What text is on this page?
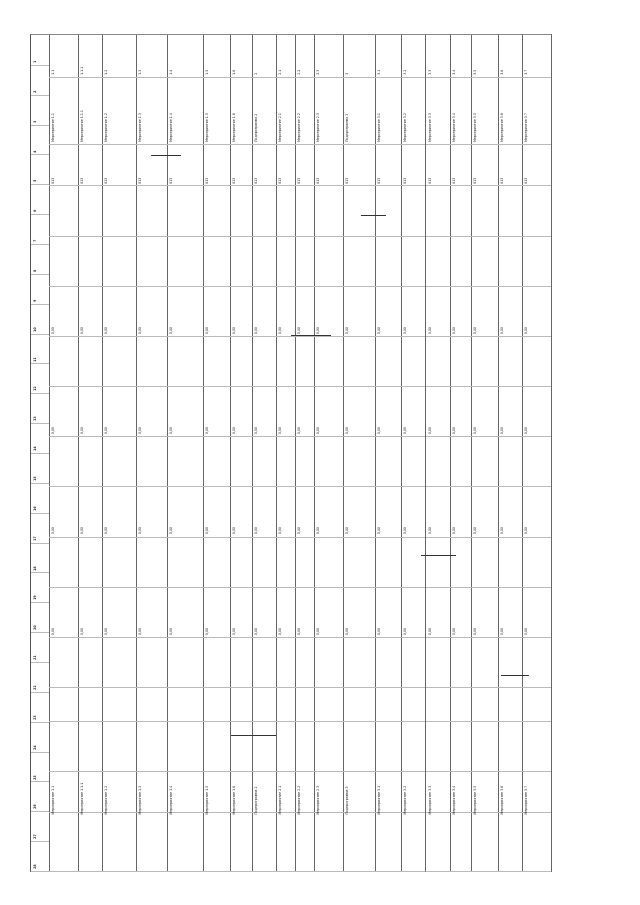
1
2
3
4
5
6
7
8
9
10
11
12
13
14
15
16
17
18
19
20
21
22
23
24
25
26
27
28
1.1
Мероприятие 1.1
813
0,00
0,00
0,00
0,00
Мероприятие 1.1
1.1.1
Мероприятие 1.1.1
813
0,00
0,00
0,00
0,00
Мероприятие 1.1.1
1.2
Мероприятие 1.2
813
0,00
0,00
0,00
0,00
Мероприятие 1.2
1.3
Мероприятие 1.3
813
0,00
0,00
0,00
0,00
Мероприятие 1.3
1.4
Мероприятие 1.4
813
0,00
0,00
0,00
0,00
Мероприятие 1.4
1.5
Мероприятие 1.5
813
0,00
0,00
0,00
0,00
Мероприятие 1.5
1.6
Мероприятие 1.6
813
0,00
0,00
0,00
0,00
Мероприятие 1.6
2
Подпрограмма 2
813
0,00
0,00
0,00
0,00
Подпрограмма 2
2.1
Мероприятие 2.1
813
0,00
0,00
0,00
0,00
Мероприятие 2.1
2.2
Мероприятие 2.2
813
0,00
0,00
0,00
0,00
Мероприятие 2.2
2.3
Мероприятие 2.3
813
0,00
0,00
0,00
0,00
Мероприятие 2.3
3
Подпрограмма 3
813
0,00
0,00
0,00
0,00
Подпрограмма 3
3.1
Мероприятие 3.1
813
0,00
0,00
0,00
0,00
Мероприятие 3.1
3.2
Мероприятие 3.2
813
0,00
0,00
0,00
0,00
Мероприятие 3.2
3.3
Мероприятие 3.3
813
0,00
0,00
0,00
0,00
Мероприятие 3.3
3.4
Мероприятие 3.4
813
0,00
0,00
0,00
0,00
Мероприятие 3.4
3.5
Мероприятие 3.5
813
0,00
0,00
0,00
0,00
Мероприятие 3.5
3.6
Мероприятие 3.6
813
0,00
0,00
0,00
0,00
Мероприятие 3.6
3.7
Мероприятие 3.7
813
0,00
0,00
0,00
0,00
Мероприятие 3.7
